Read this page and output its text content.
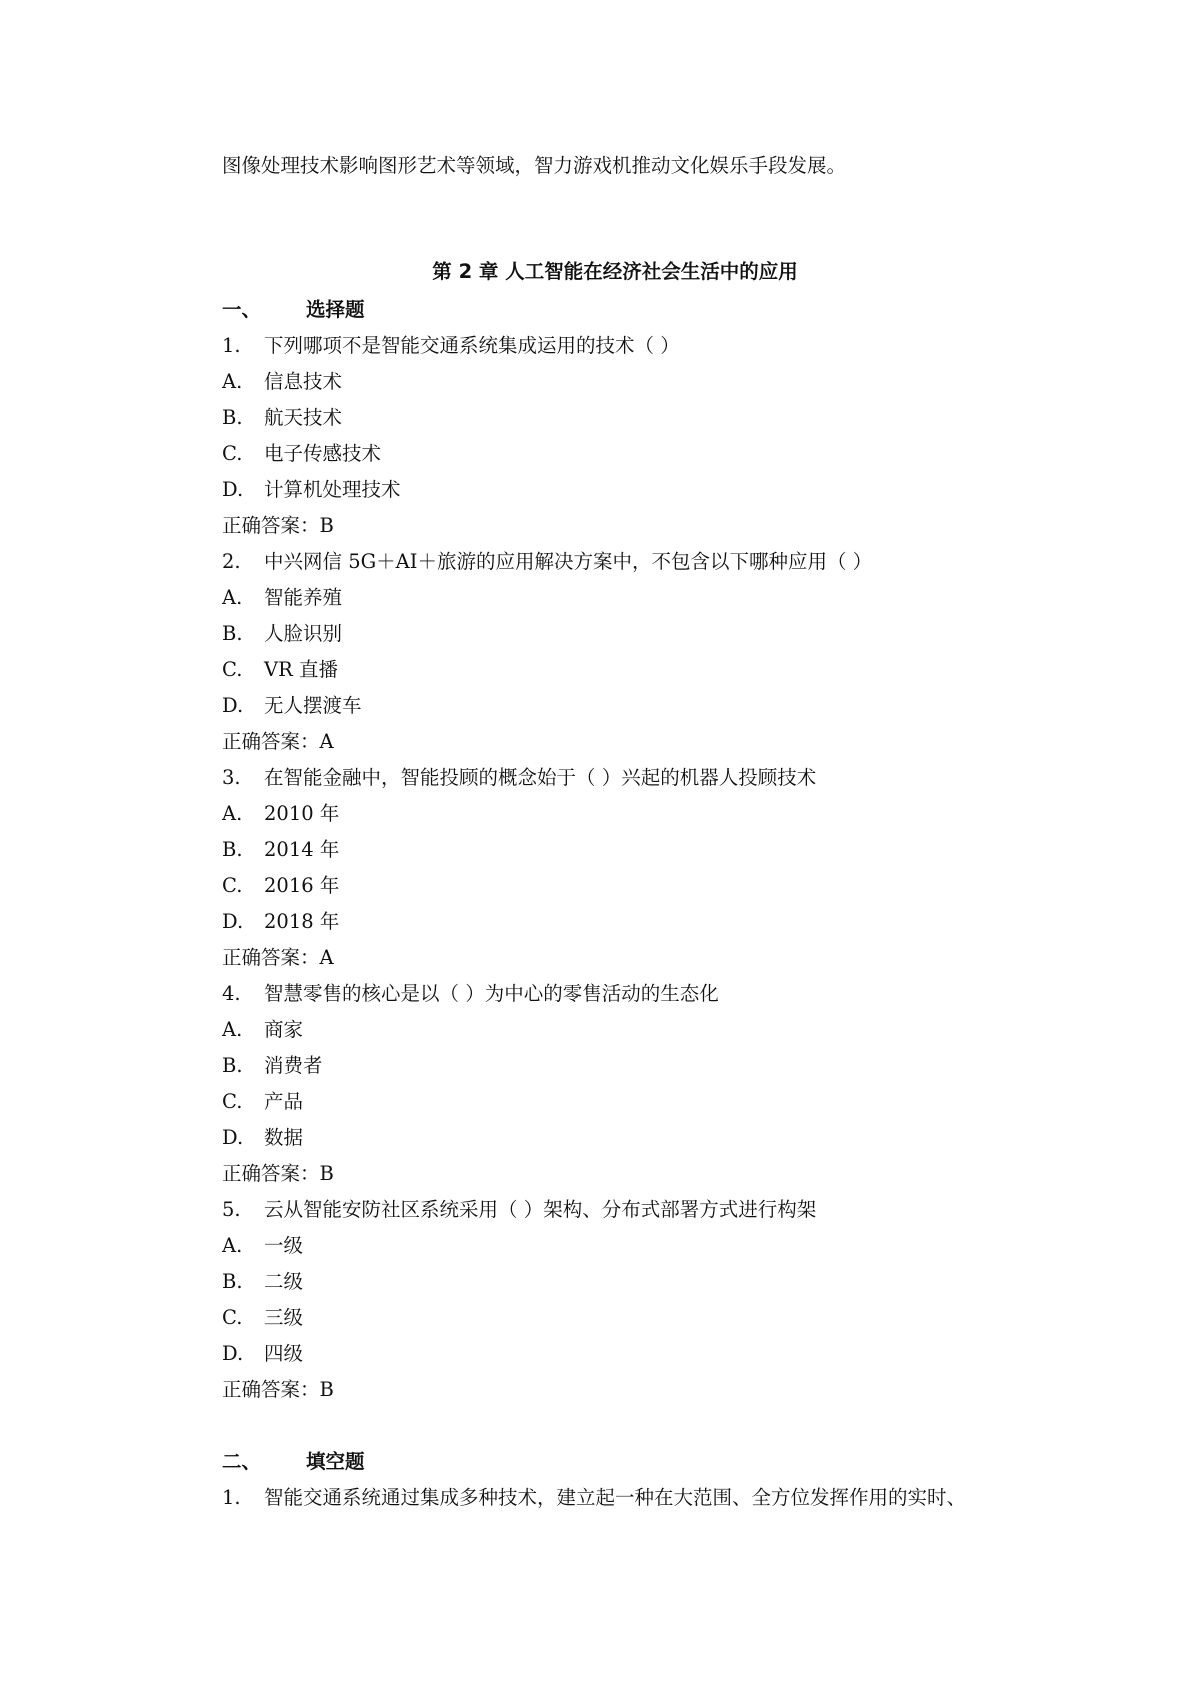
图像处理技术影响图形艺术等领域，智力游戏机推动文化娱乐手段发展。
第 2 章 人工智能在经济社会生活中的应用
一、 选择题
1. 下列哪项不是智能交通系统集成运用的技术（ ）
A. 信息技术
B. 航天技术
C. 电子传感技术
D. 计算机处理技术
正确答案：B
2. 中兴网信 5G＋AI＋旅游的应用解决方案中，不包含以下哪种应用（ ）
A. 智能养殖
B. 人脸识别
C. VR 直播
D. 无人摆渡车
正确答案：A
3. 在智能金融中，智能投顾的概念始于（ ）兴起的机器人投顾技术
A. 2010 年
B. 2014 年
C. 2016 年
D. 2018 年
正确答案：A
4. 智慧零售的核心是以（ ）为中心的零售活动的生态化
A. 商家
B. 消费者
C. 产品
D. 数据
正确答案：B
5. 云从智能安防社区系统采用（ ）架构、分布式部署方式进行构架
A. 一级
B. 二级
C. 三级
D. 四级
正确答案：B
二、 填空题
1. 智能交通系统通过集成多种技术，建立起一种在大范围、全方位发挥作用的实时、
